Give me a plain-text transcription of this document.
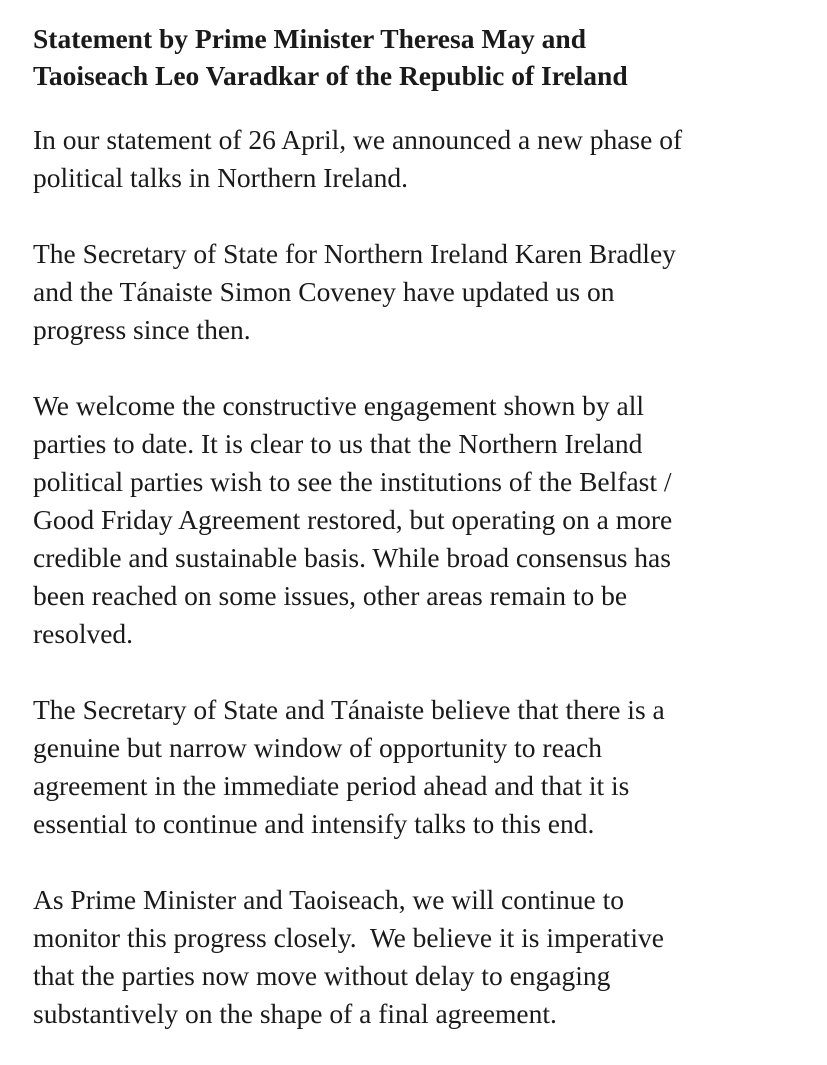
Statement by Prime Minister Theresa May and
Taoiseach Leo Varadkar of the Republic of Ireland
In our statement of 26 April, we announced a new phase of
political talks in Northern Ireland.
The Secretary of State for Northern Ireland Karen Bradley
and the Tánaiste Simon Coveney have updated us on
progress since then.
We welcome the constructive engagement shown by all
parties to date. It is clear to us that the Northern Ireland
political parties wish to see the institutions of the Belfast /
Good Friday Agreement restored, but operating on a more
credible and sustainable basis. While broad consensus has
been reached on some issues, other areas remain to be
resolved.
The Secretary of State and Tánaiste believe that there is a
genuine but narrow window of opportunity to reach
agreement in the immediate period ahead and that it is
essential to continue and intensify talks to this end.
As Prime Minister and Taoiseach, we will continue to
monitor this progress closely.  We believe it is imperative
that the parties now move without delay to engaging
substantively on the shape of a final agreement.
